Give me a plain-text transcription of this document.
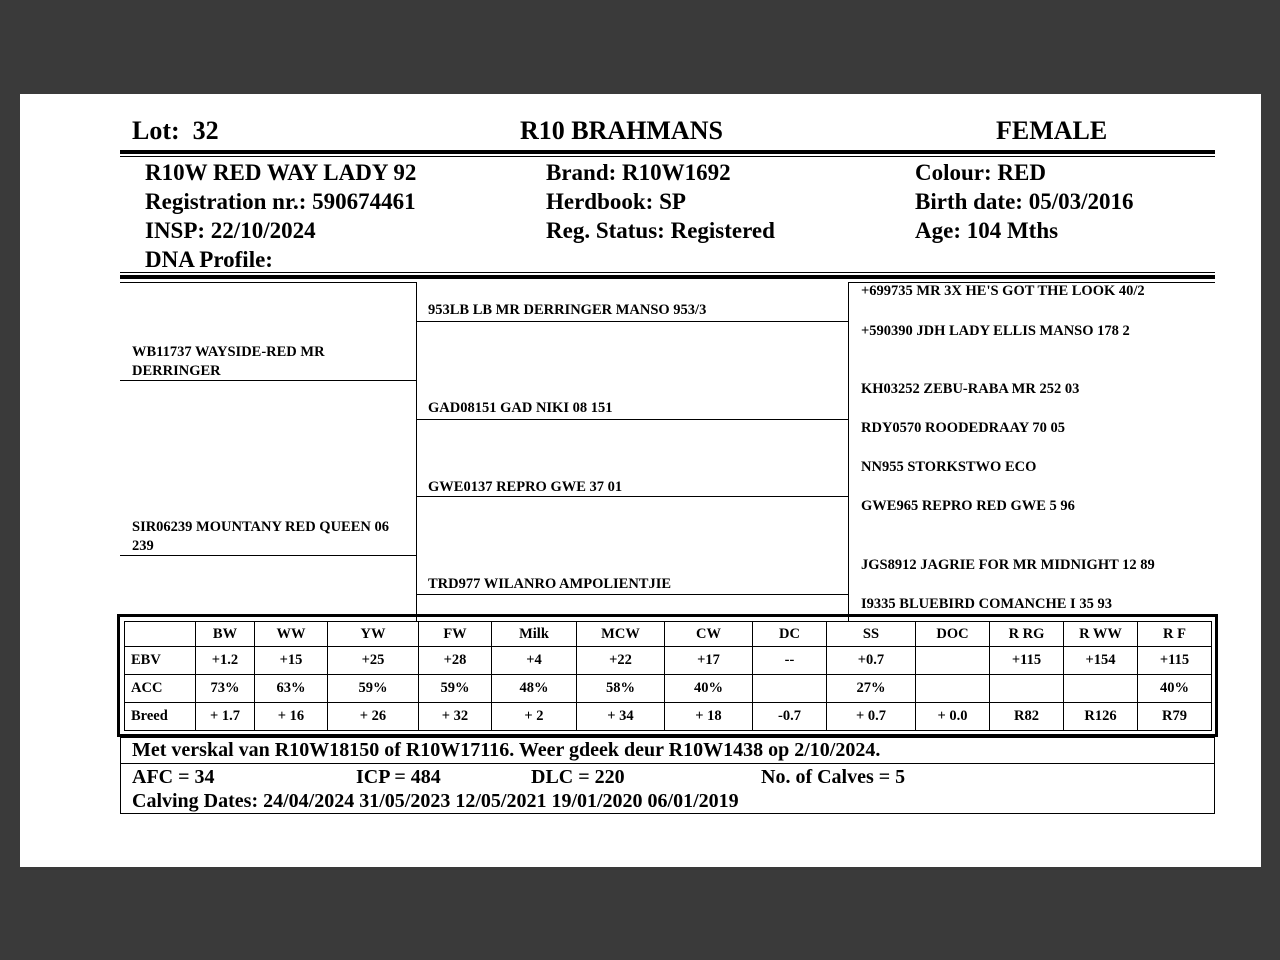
Lot: 32	R10 BRAHMANS	FEMALE
R10W RED WAY LADY 92
Registration nr.: 590674461
INSP: 22/10/2024
DNA Profile:
Brand: R10W1692
Herdbook: SP
Reg. Status: Registered
Colour: RED
Birth date: 05/03/2016
Age: 104 Mths
WB11737 WAYSIDE-RED MR DERRINGER
SIR06239 MOUNTANY RED QUEEN 06 239
953LB LB MR DERRINGER MANSO 953/3
GAD08151 GAD NIKI 08 151
GWE0137 REPRO GWE 37 01
TRD977 WILANRO AMPOLIENTJIE
+699735 MR 3X HE'S GOT THE LOOK 40/2
+590390 JDH LADY ELLIS MANSO 178 2
KH03252 ZEBU-RABA MR 252 03
RDY0570 ROODEDRAAY 70 05
NN955 STORKSTWO ECO
GWE965 REPRO RED GWE 5 96
JGS8912 JAGRIE FOR MR MIDNIGHT 12 89
I9335 BLUEBIRD COMANCHE I 35 93
	BW	WW	YW	FW	Milk	MCW	CW	DC	SS	DOC	R RG	R WW	R F
EBV	+1.2	+15	+25	+28	+4	+22	+17	--	+0.7		+115	+154	+115
ACC	73%	63%	59%	59%	48%	58%	40%		27%				40%
Breed	+ 1.7	+ 16	+ 26	+ 32	+ 2	+ 34	+ 18	-0.7	+ 0.7	+ 0.0	R82	R126	R79
Met verskal van R10W18150 of R10W17116. Weer gdeek deur R10W1438 op 2/10/2024.
AFC = 34	ICP = 484	DLC = 220	No. of Calves = 5
Calving Dates: 24/04/2024 31/05/2023 12/05/2021 19/01/2020 06/01/2019
